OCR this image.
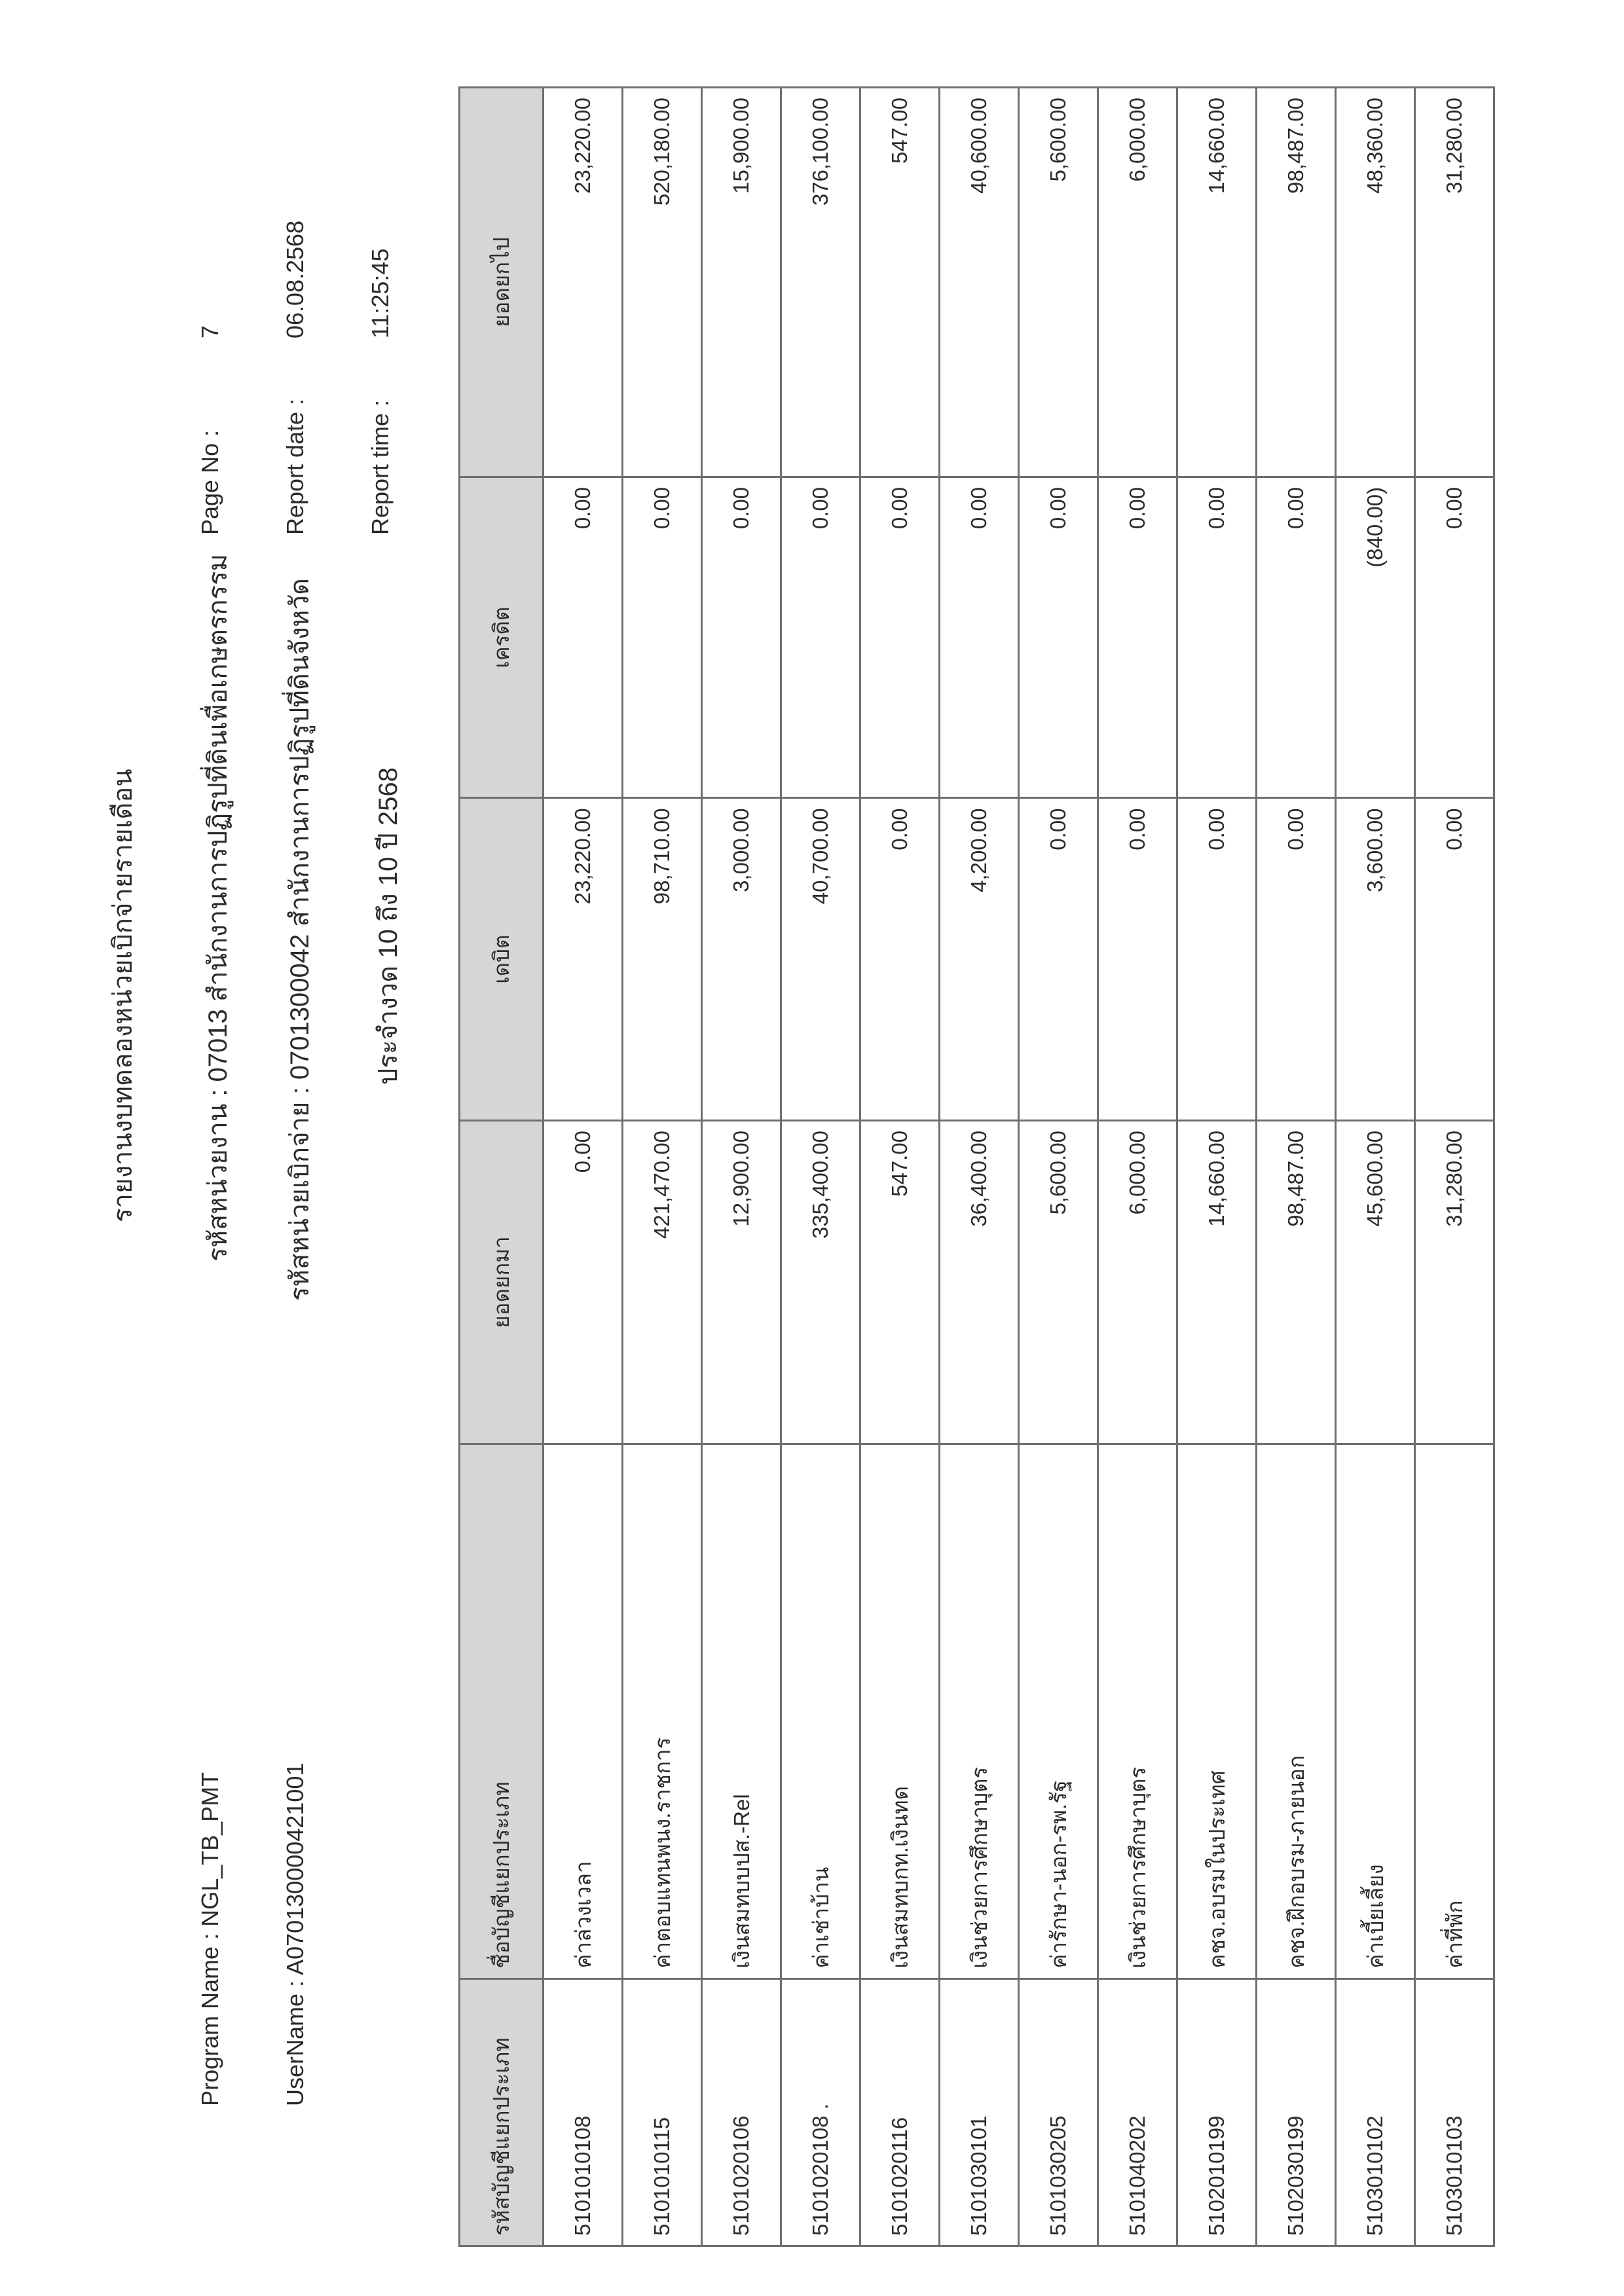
Program Name : NGL_TB_PMT UserName : A070130000421001
รายงานงบทดลองหน่วยเบิกจ่ายรายเดือน	รหัสหน่วยงาน : 07013 สำนักงานการปฏิรูปที่ดินเพื่อเกษตรกรรม รหัสหน่วยเบิกจ่าย : 0701300042 สำนักงานการปฏิรูปที่ดินจังหวัด ประจำงวด 10 ถึง 10 ปี 2568
Page No :
7
Report date :
06.08.2568
Report time :
11:25:45
รหัสบัญชีแยกประเภท	ชื่อบัญชีแยกประเภท	ยอดยกมา	เดบิต	เครดิต	ยอดยกไป
5101010108	ค่าล่วงเวลา	0.00	23,220.00	0.00	23,220.00
5101010115	ค่าตอบแทนพนง.ราชการ	421,470.00	98,710.00	0.00	520,180.00
5101020106	เงินสมทบบปส.-Rel	12,900.00	3,000.00	0.00	15,900.00
5101020108 .	ค่าเช่าบ้าน	335,400.00	40,700.00	0.00	376,100.00
5101020116	เงินสมทบกท.เงินทด	547.00	0.00	0.00	547.00
5101030101	เงินช่วยการศึกษาบุตร	36,400.00	4,200.00	0.00	40,600.00
5101030205	ค่ารักษา-นอก-รพ.รัฐ	5,600.00	0.00	0.00	5,600.00
5101040202	เงินช่วยการศึกษาบุตร	6,000.00	0.00	0.00	6,000.00
5102010199	คชจ.อบรมในประเทศ	14,660.00	0.00	0.00	14,660.00
5102030199	คชจ.ฝึกอบรม-ภายนอก	98,487.00	0.00	0.00	98,487.00
5103010102	ค่าเบี้ยเลี้ยง	45,600.00	3,600.00	(840.00)	48,360.00
5103010103	ค่าที่พัก	31,280.00	0.00	0.00	31,280.00
